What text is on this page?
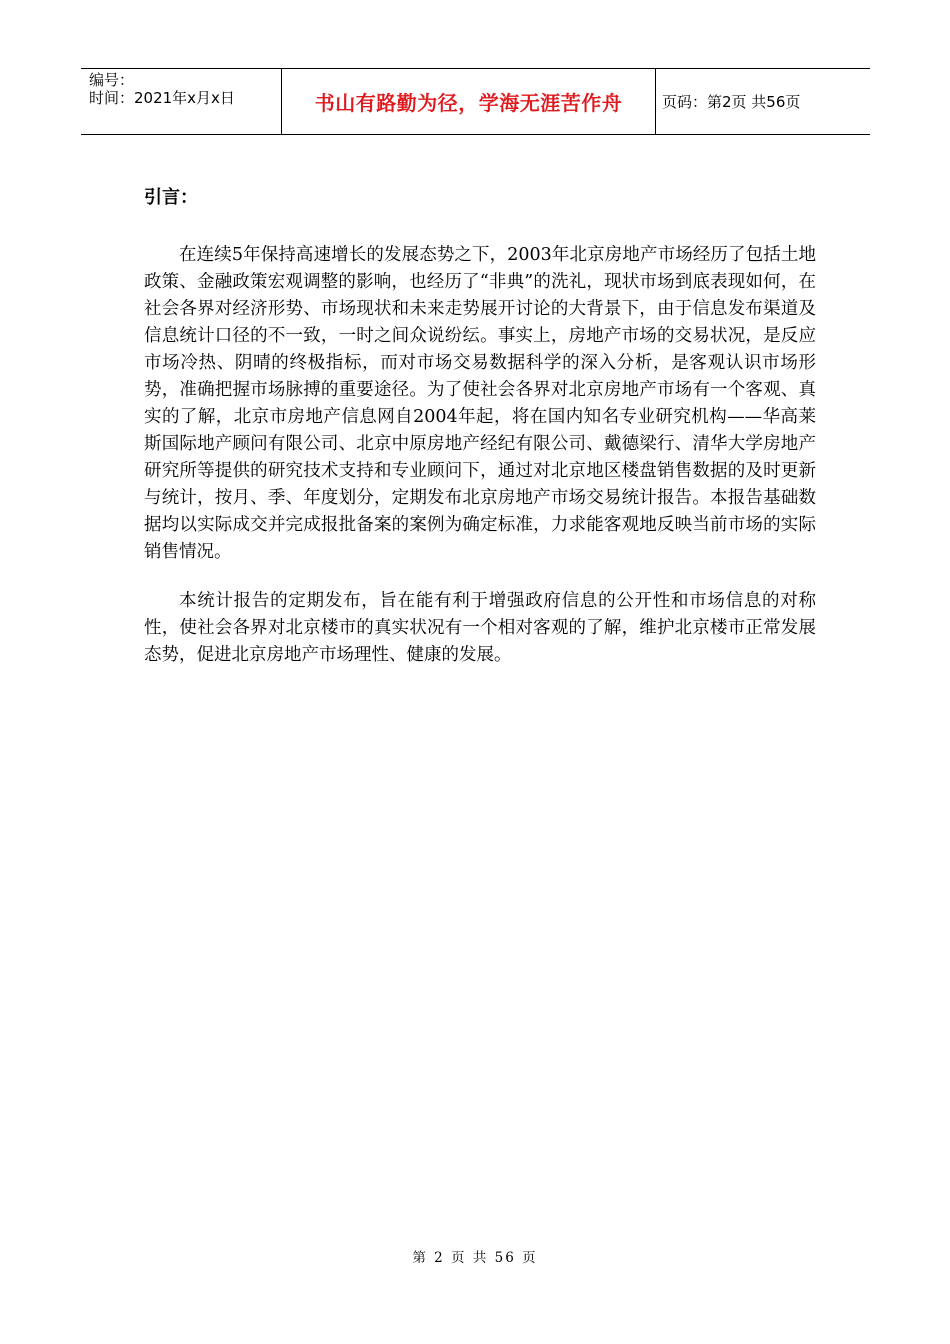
编号：
时间：2021年x月x日	书山有路勤为径，学海无涯苦作舟	页码：第2页 共56页
引言：

在连续5年保持高速增长的发展态势之下，2003年北京房地产市场经历了包括土地政策、金融政策宏观调整的影响，也经历了“非典”的洗礼，现状市场到底表现如何，在社会各界对经济形势、市场现状和未来走势展开讨论的大背景下，由于信息发布渠道及信息统计口径的不一致，一时之间众说纷纭。事实上，房地产市场的交易状况，是反应市场冷热、阴晴的终极指标，而对市场交易数据科学的深入分析，是客观认识市场形势，准确把握市场脉搏的重要途径。为了使社会各界对北京房地产市场有一个客观、真实的了解，北京市房地产信息网自2004年起，将在国内知名专业研究机构——华高莱斯国际地产顾问有限公司、北京中原房地产经纪有限公司、戴德梁行、清华大学房地产研究所等提供的研究技术支持和专业顾问下，通过对北京地区楼盘销售数据的及时更新与统计，按月、季、年度划分，定期发布北京房地产市场交易统计报告。本报告基础数据均以实际成交并完成报批备案的案例为确定标准，力求能客观地反映当前市场的实际销售情况。

本统计报告的定期发布，旨在能有利于增强政府信息的公开性和市场信息的对称性，使社会各界对北京楼市的真实状况有一个相对客观的了解，维护北京楼市正常发展态势，促进北京房地产市场理性、健康的发展。

第 2 页 共 56 页
